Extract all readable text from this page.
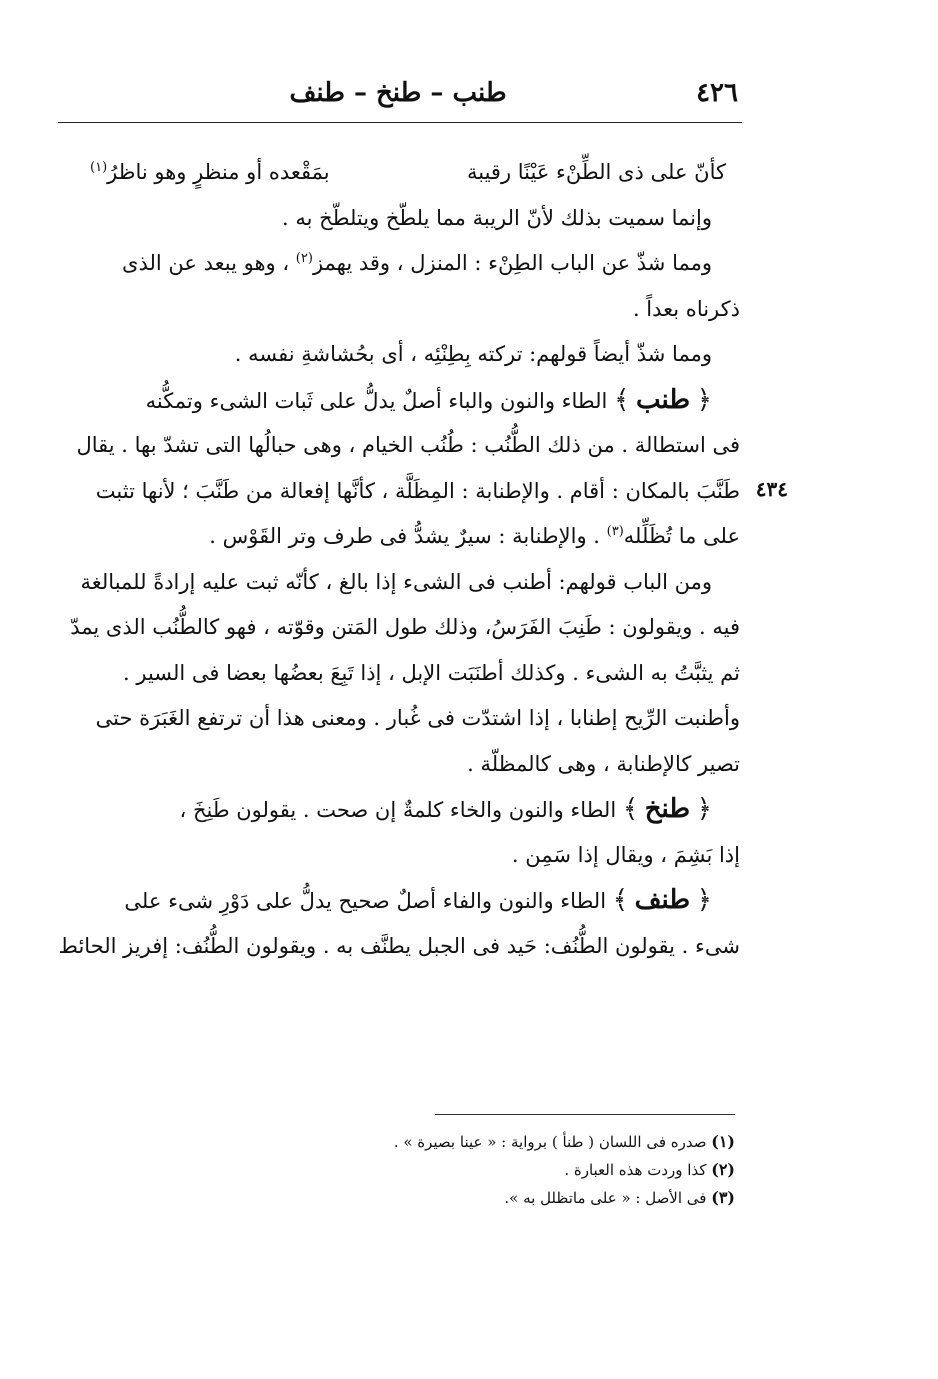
٤٢٦
طنب – طنخ – طنف
٤٣٤
كأنّ على ذى الطِّنْء عَيْنًا رقيبة
بمَقْعده أو منظرٍ وهو ناظرُ$^{(١)}$
وإنما سميت بذلك لأنّ الريبة مما يلطّخ ويتلطّخ به .
ومما شذّ عن الباب الطِنْء : المنزل ، وقد يهمز$^{(٢)}$ ، وهو يبعد عن الذى
ذكرناه بعداً .
ومما شذّ أيضاً قولهم: تركته بِطِنْئِه ، أى بحُشاشةِ نفسه .
﴿ طنب ﴾ الطاء والنون والباء أصلٌ يدلُّ على ثَبات الشىء وتمكُّنه
فى استطالة . من ذلك الطُّنُب : طُنُب الخيام ، وهى حبالُها التى تشدّ بها . يقال
طَنَّبَ بالمكان : أقام . والإطنابة : المِظَلَّة ، كأنَّها إفعالة من طَنَّبَ ؛ لأنها تثبت
على ما تُظَلِّله$^{(٣)}$ . والإطنابة : سيرٌ يشدُّ فى طرف وتر القَوْس .
ومن الباب قولهم: أطنب فى الشىء إذا بالغ ، كأنّه ثبت عليه إرادةً للمبالغة
فيه . ويقولون : طَنِبَ الفَرَسُ، وذلك طول المَتن وقوّته ، فهو كالطُّنُب الذى يمدّ
ثم يثبَّتُ به الشىء . وكذلك أطنَبَت الإبل ، إذا تَبِعَ بعضُها بعضا فى السير .
وأطنبت الرِّيح إطنابا ، إذا اشتدّت فى غُبار . ومعنى هذا أن ترتفع الغَبَرَة حتى
تصير كالإطنابة ، وهى كالمظلّة .
﴿ طنخ ﴾ الطاء والنون والخاء كلمةٌ إن صحت . يقولون طَنِخَ ،
إذا بَشِمَ ، ويقال إذا سَمِن .
﴿ طنف ﴾ الطاء والنون والفاء أصلٌ صحيح يدلُّ على دَوْرِ شىء على
شىء . يقولون الطُّنُف: حَيد فى الجبل يطنَّف به . ويقولون الطُّنُف: إفريز الحائط
(١) صدره فى اللسان ( طنأ ) برواية : « عينا بصيرة » .
(٢) كذا وردت هذه العبارة .
(٣) فى الأصل : « على ماتظلل به ».
